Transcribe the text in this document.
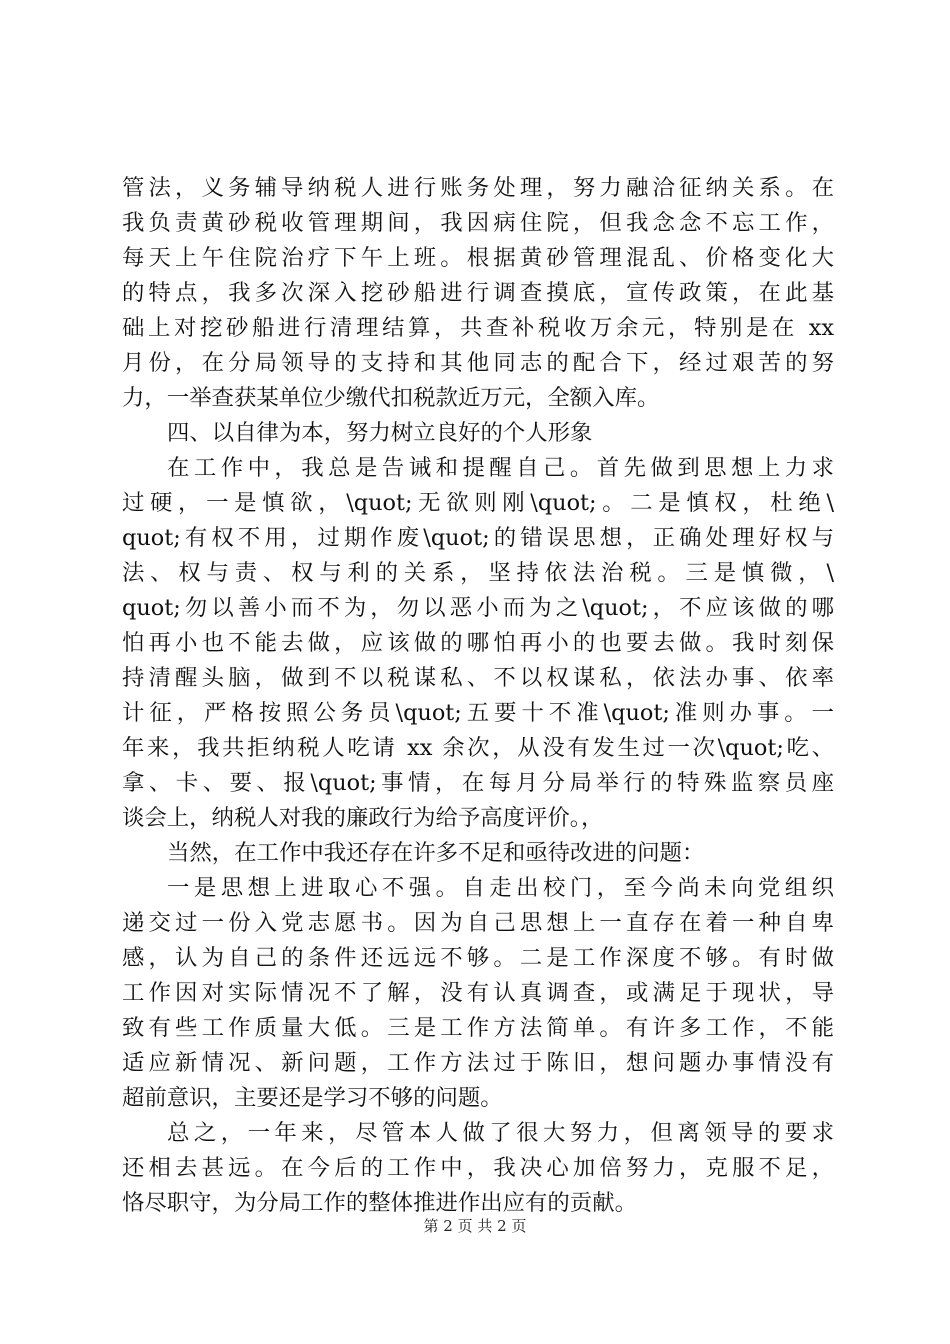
管法，义务辅导纳税人进行账务处理，努力融洽征纳关系。在
我负责黄砂税收管理期间，我因病住院，但我念念不忘工作，
每天上午住院治疗下午上班。根据黄砂管理混乱、价格变化大
的特点，我多次深入挖砂船进行调查摸底，宣传政策，在此基
础上对挖砂船进行清理结算，共查补税收万余元，特别是在 xx
月份，在分局领导的支持和其他同志的配合下，经过艰苦的努
力，一举查获某单位少缴代扣税款近万元，全额入库。
四、以自律为本，努力树立良好的个人形象
在工作中，我总是告诫和提醒自己。首先做到思想上力求
过硬，一是慎欲，\quot;无欲则刚\quot;。二是慎权，杜绝\
quot;有权不用，过期作废\quot;的错误思想，正确处理好权与
法、权与责、权与利的关系，坚持依法治税。三是慎微，\
quot;勿以善小而不为，勿以恶小而为之\quot;，不应该做的哪
怕再小也不能去做，应该做的哪怕再小的也要去做。我时刻保
持清醒头脑，做到不以税谋私、不以权谋私，依法办事、依率
计征，严格按照公务员\quot;五要十不准\quot;准则办事。一
年来，我共拒纳税人吃请 xx 余次，从没有发生过一次\quot;吃、
拿、卡、要、报\quot;事情，在每月分局举行的特殊监察员座
谈会上，纳税人对我的廉政行为给予高度评价。，
当然，在工作中我还存在许多不足和亟待改进的问题：
一是思想上进取心不强。自走出校门，至今尚未向党组织
递交过一份入党志愿书。因为自己思想上一直存在着一种自卑
感，认为自己的条件还远远不够。二是工作深度不够。有时做
工作因对实际情况不了解，没有认真调查，或满足于现状，导
致有些工作质量大低。三是工作方法简单。有许多工作，不能
适应新情况、新问题，工作方法过于陈旧，想问题办事情没有
超前意识，主要还是学习不够的问题。
总之，一年来，尽管本人做了很大努力，但离领导的要求
还相去甚远。在今后的工作中，我决心加倍努力，克服不足，
恪尽职守，为分局工作的整体推进作出应有的贡献。
第 2 页 共 2 页
